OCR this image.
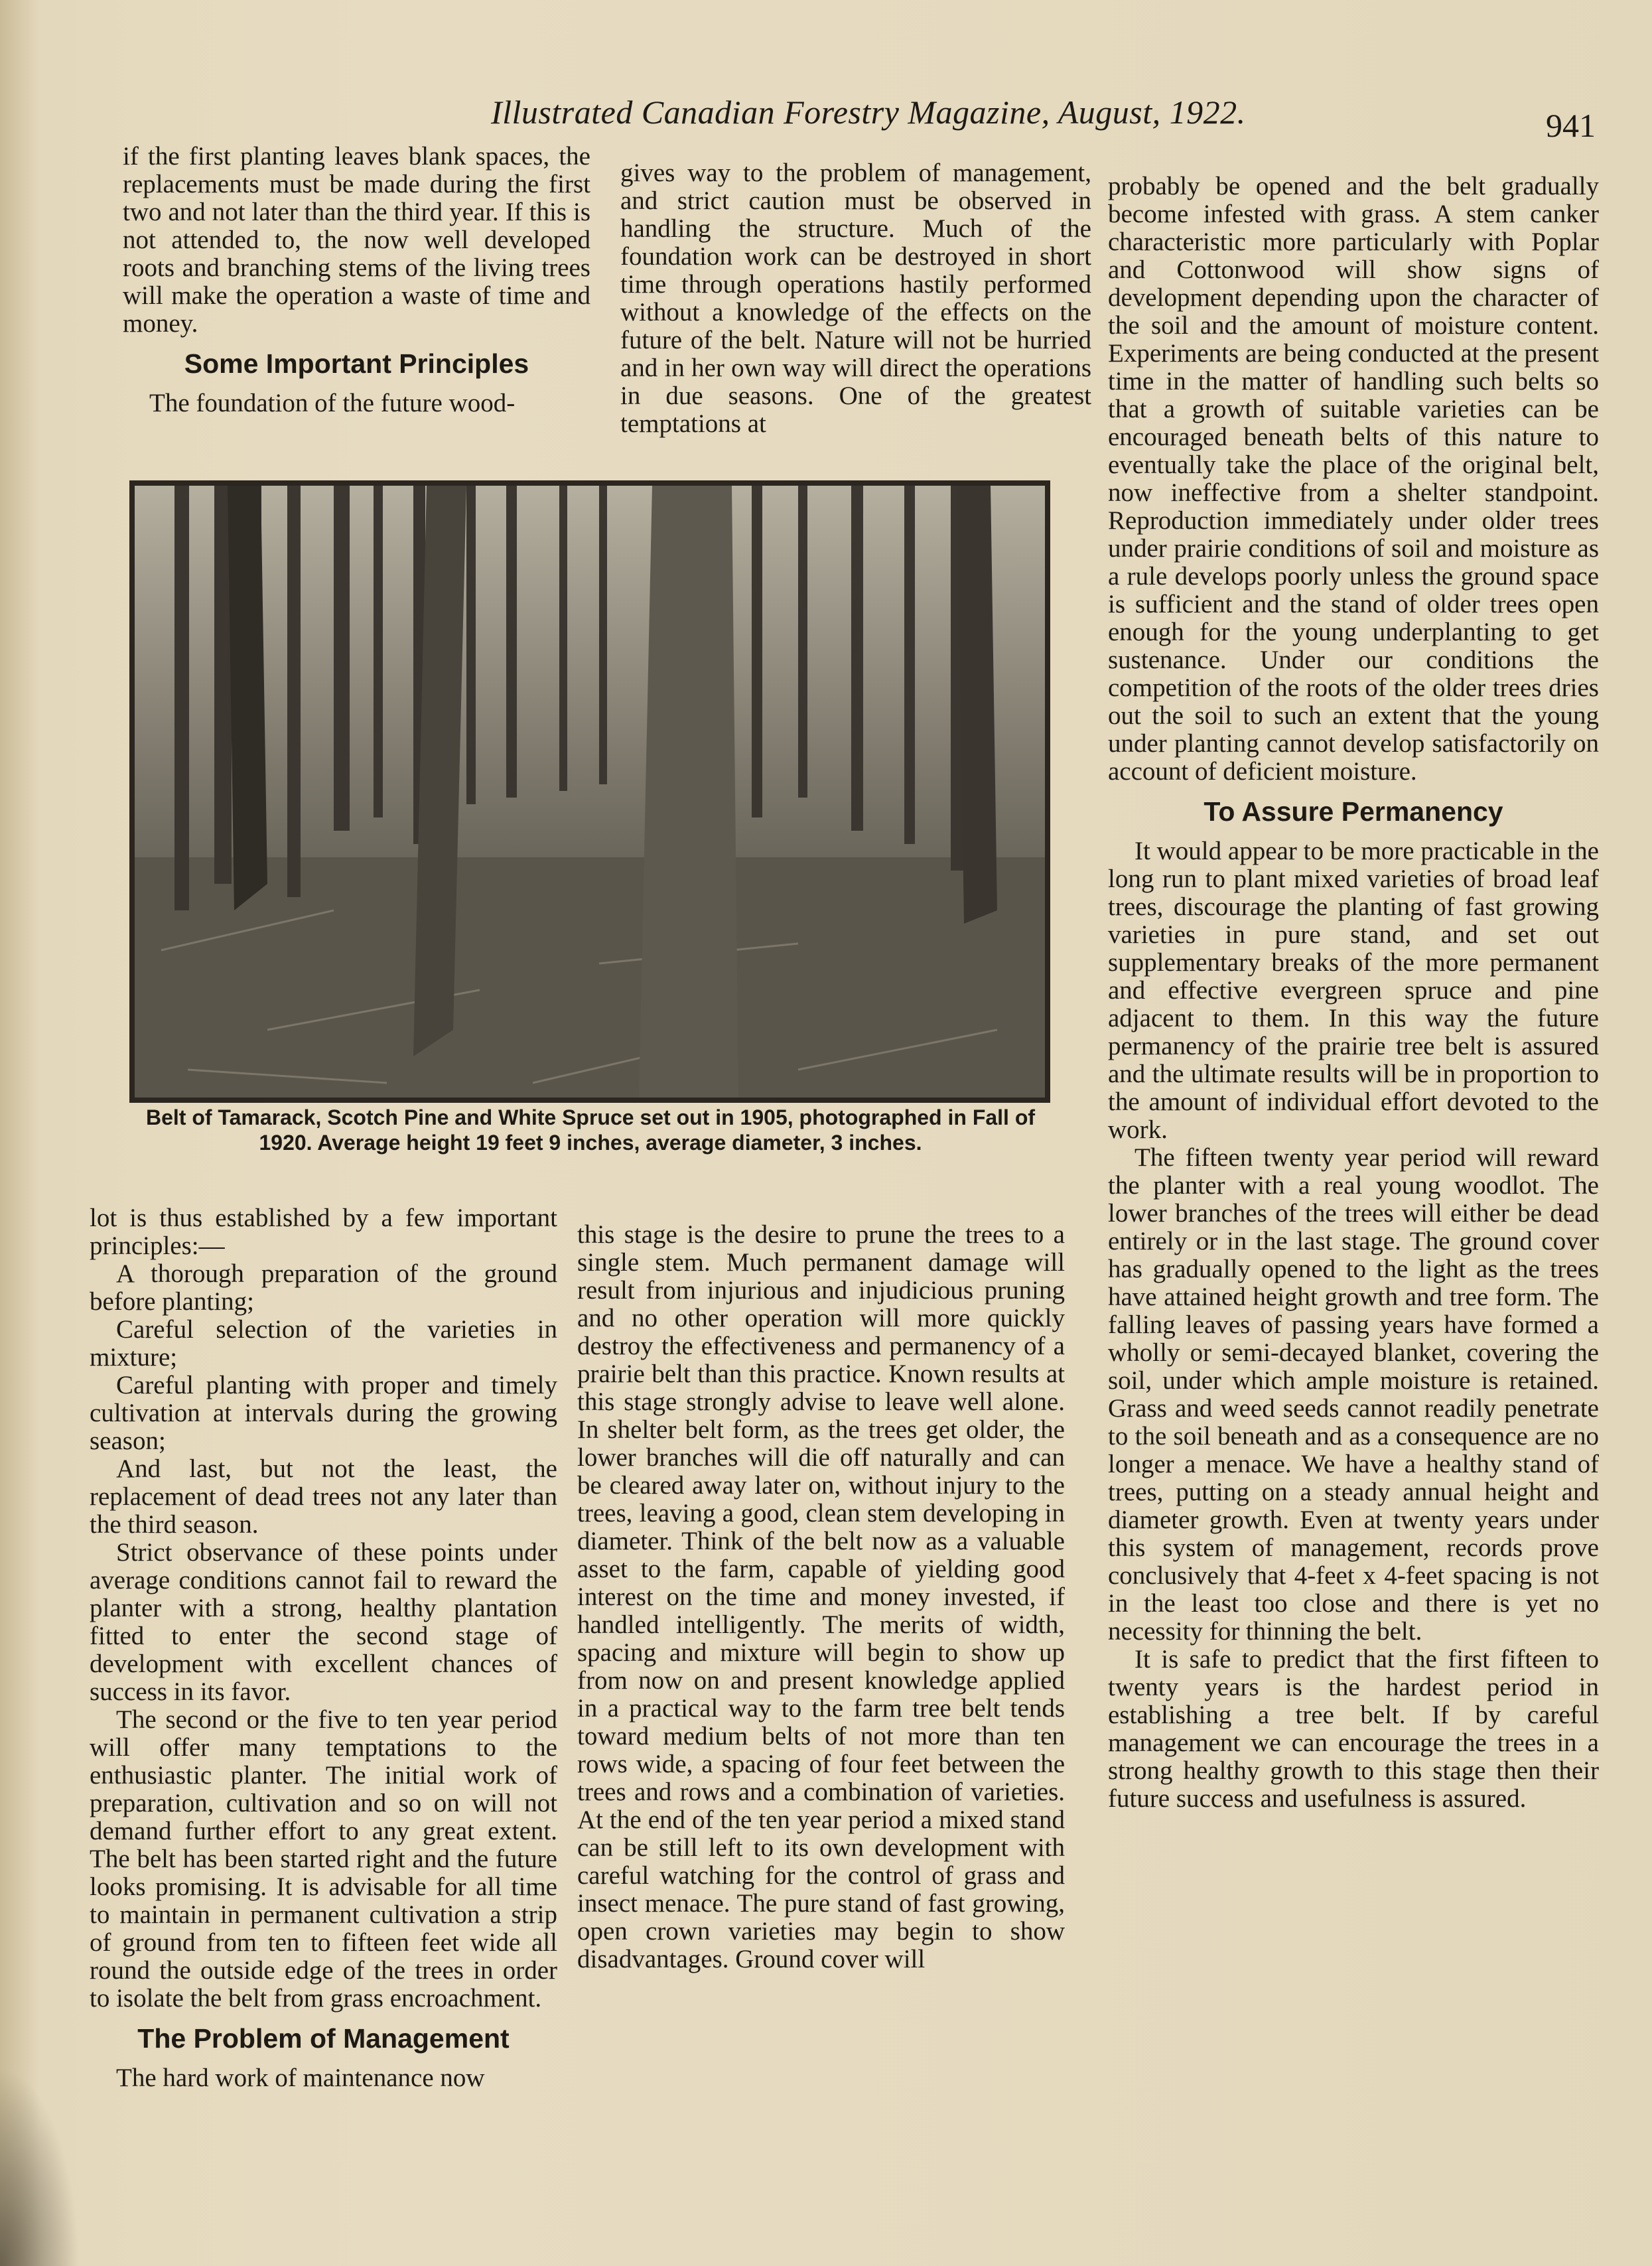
Illustrated Canadian Forestry Magazine, August, 1922.	941

if the first planting leaves blank spaces, the replacements must be made during the first two and not later than the third year. If this is not attended to, the now well developed roots and branching stems of the living trees will make the operation a waste of time and money.

Some Important Principles

The foundation of the future wood-

gives way to the problem of management, and strict caution must be observed in handling the structure. Much of the foundation work can be destroyed in short time through operations hastily performed without a knowledge of the effects on the future of the belt. Nature will not be hurried and in her own way will direct the operations in due seasons. One of the greatest temptations at

probably be opened and the belt gradually become infested with grass. A stem canker characteristic more particularly with Poplar and Cottonwood will show signs of development depending upon the character of the soil and the amount of moisture content. Experiments are being conducted at the present time in the matter of handling such belts so that a growth of suitable varieties can be encouraged beneath belts of this nature to eventually take the place of the original belt, now ineffective from a shelter standpoint. Reproduction immediately under older trees under prairie conditions of soil and moisture as a rule develops poorly unless the ground space is sufficient and the stand of older trees open enough for the young underplanting to get sustenance. Under our conditions the competition of the roots of the older trees dries out the soil to such an extent that the young under planting cannot develop satisfactorily on account of deficient moisture.

To Assure Permanency

It would appear to be more practicable in the long run to plant mixed varieties of broad leaf trees, discourage the planting of fast growing varieties in pure stand, and set out supplementary breaks of the more permanent and effective evergreen spruce and pine adjacent to them. In this way the future permanency of the prairie tree belt is assured and the ultimate results will be in proportion to the amount of individual effort devoted to the work.

The fifteen twenty year period will reward the planter with a real young woodlot. The lower branches of the trees will either be dead entirely or in the last stage. The ground cover has gradually opened to the light as the trees have attained height growth and tree form. The falling leaves of passing years have formed a wholly or semi-decayed blanket, covering the soil, under which ample moisture is retained. Grass and weed seeds cannot readily penetrate to the soil beneath and as a consequence are no longer a menace. We have a healthy stand of trees, putting on a steady annual height and diameter growth. Even at twenty years under this system of management, records prove conclusively that 4-feet x 4-feet spacing is not in the least too close and there is yet no necessity for thinning the belt.

It is safe to predict that the first fifteen to twenty years is the hardest period in establishing a tree belt. If by careful management we can encourage the trees in a strong healthy growth to this stage then their future success and usefulness is assured.

Belt of Tamarack, Scotch Pine and White Spruce set out in 1905, photographed in Fall of 1920. Average height 19 feet 9 inches, average diameter, 3 inches.

lot is thus established by a few important principles:—

A thorough preparation of the ground before planting;

Careful selection of the varieties in mixture;

Careful planting with proper and timely cultivation at intervals during the growing season;

And last, but not the least, the replacement of dead trees not any later than the third season.

Strict observance of these points under average conditions cannot fail to reward the planter with a strong, healthy plantation fitted to enter the second stage of development with excellent chances of success in its favor.

The second or the five to ten year period will offer many temptations to the enthusiastic planter. The initial work of preparation, cultivation and so on will not demand further effort to any great extent. The belt has been started right and the future looks promising. It is advisable for all time to maintain in permanent cultivation a strip of ground from ten to fifteen feet wide all round the outside edge of the trees in order to isolate the belt from grass encroachment.

The Problem of Management

The hard work of maintenance now

this stage is the desire to prune the trees to a single stem. Much permanent damage will result from injurious and injudicious pruning and no other operation will more quickly destroy the effectiveness and permanency of a prairie belt than this practice. Known results at this stage strongly advise to leave well alone. In shelter belt form, as the trees get older, the lower branches will die off naturally and can be cleared away later on, without injury to the trees, leaving a good, clean stem developing in diameter. Think of the belt now as a valuable asset to the farm, capable of yielding good interest on the time and money invested, if handled intelligently. The merits of width, spacing and mixture will begin to show up from now on and present knowledge applied in a practical way to the farm tree belt tends toward medium belts of not more than ten rows wide, a spacing of four feet between the trees and rows and a combination of varieties. At the end of the ten year period a mixed stand can be still left to its own development with careful watching for the control of grass and insect menace. The pure stand of fast growing, open crown varieties may begin to show disadvantages. Ground cover will
